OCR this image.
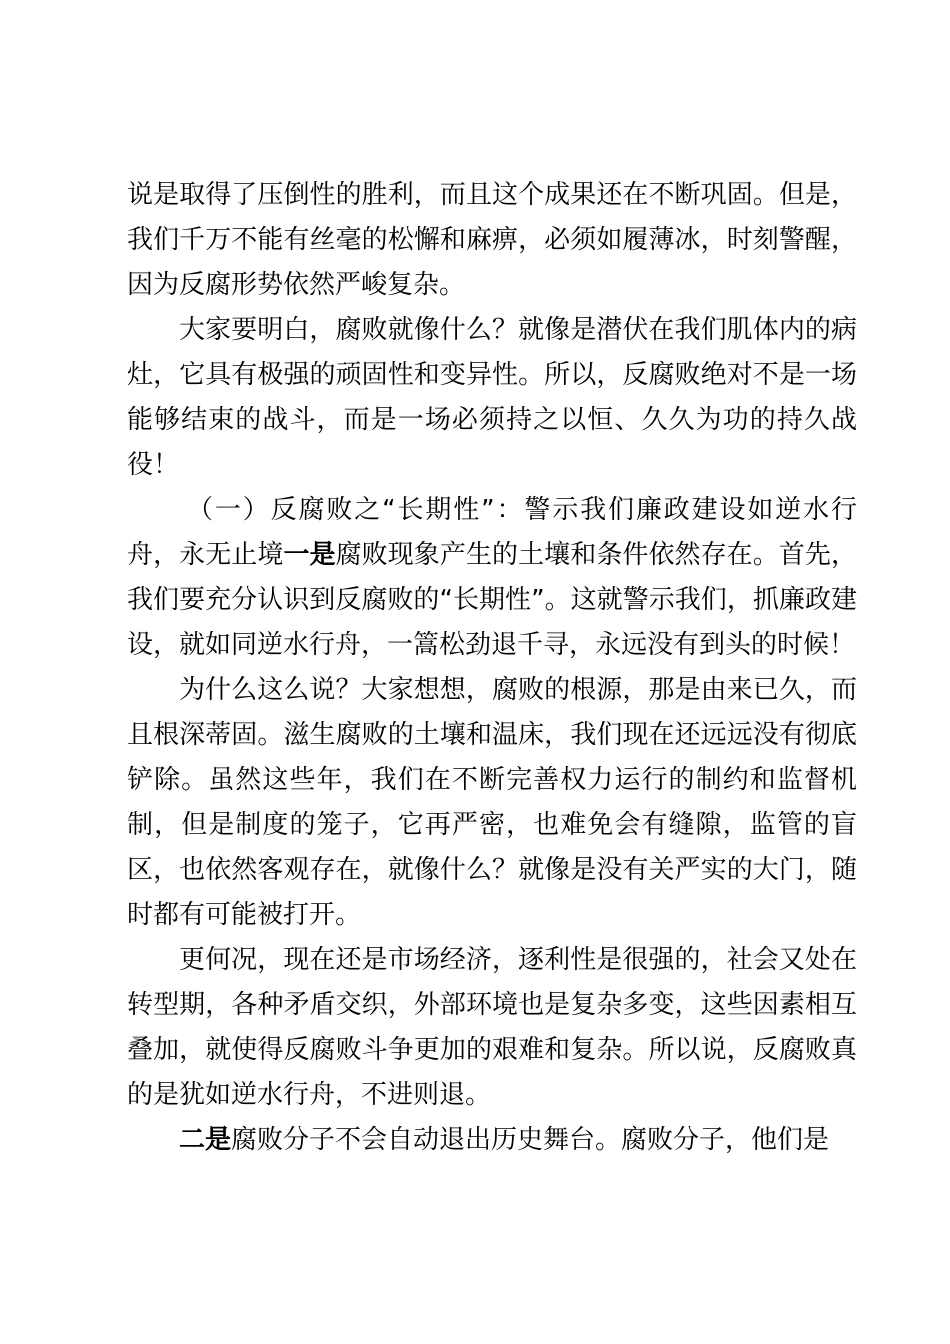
说是取得了压倒性的胜利，而且这个成果还在不断巩固。但是，我们千万不能有丝毫的松懈和麻痹，必须如履薄冰，时刻警醒，因为反腐形势依然严峻复杂。

大家要明白，腐败就像什么？就像是潜伏在我们肌体内的病灶，它具有极强的顽固性和变异性。所以，反腐败绝对不是一场能够结束的战斗，而是一场必须持之以恒、久久为功的持久战役！

（一）反腐败之“长期性”：警示我们廉政建设如逆水行舟，永无止境一是腐败现象产生的土壤和条件依然存在。首先，我们要充分认识到反腐败的“长期性”。这就警示我们，抓廉政建设，就如同逆水行舟，一篙松劲退千寻，永远没有到头的时候！

为什么这么说？大家想想，腐败的根源，那是由来已久，而且根深蒂固。滋生腐败的土壤和温床，我们现在还远远没有彻底铲除。虽然这些年，我们在不断完善权力运行的制约和监督机制，但是制度的笼子，它再严密，也难免会有缝隙，监管的盲区，也依然客观存在，就像什么？就像是没有关严实的大门，随时都有可能被打开。

更何况，现在还是市场经济，逐利性是很强的，社会又处在转型期，各种矛盾交织，外部环境也是复杂多变，这些因素相互叠加，就使得反腐败斗争更加的艰难和复杂。所以说，反腐败真的是犹如逆水行舟，不进则退。

二是腐败分子不会自动退出历史舞台。腐败分子，他们是
